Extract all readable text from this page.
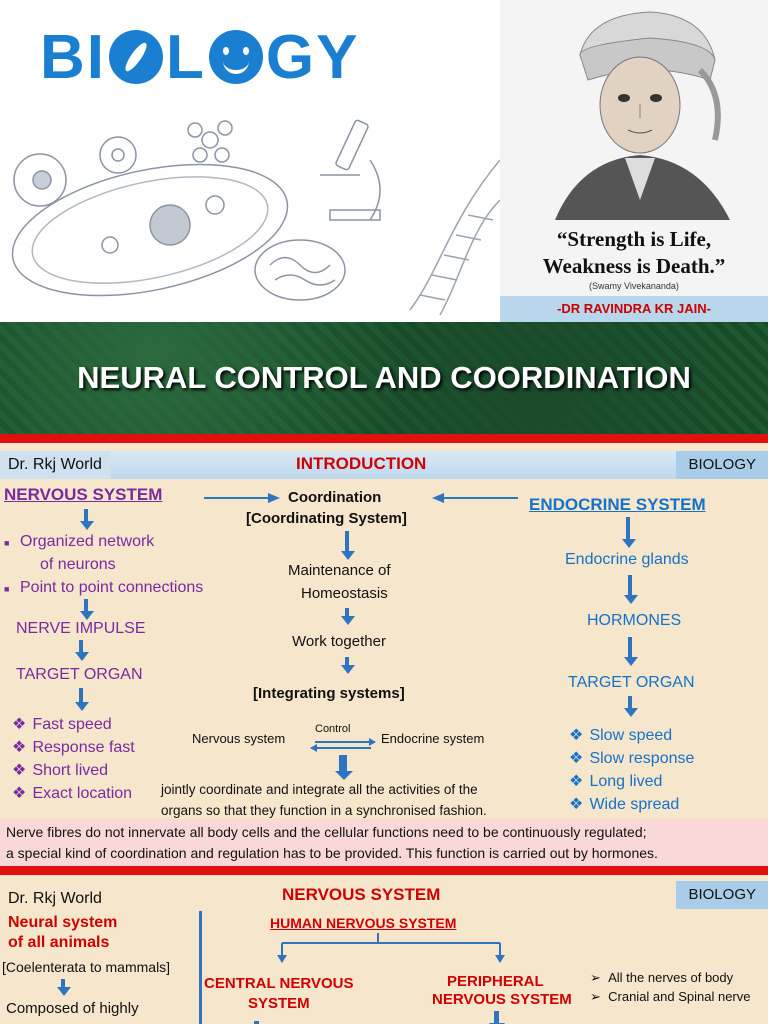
BI L GY
“Strength is Life,
Weakness is Death.”
(Swamy Vivekananda)
-DR RAVINDRA KR JAIN-
NEURAL CONTROL AND COORDINATION
Dr. Rkj World	INTRODUCTION	BIOLOGY
NERVOUS SYSTEM
■ Organized network
of neurons
■ Point to point connections
NERVE IMPULSE
TARGET ORGAN
❖ Fast speed
❖ Response fast
❖ Short lived
❖ Exact location
Coordination
[Coordinating System]
Maintenance of
Homeostasis
Work together
[Integrating systems]
Nervous system
Control
Endocrine system
jointly coordinate and integrate all the activities of the
organs so that they function in a synchronised fashion.
ENDOCRINE SYSTEM
Endocrine glands
HORMONES
TARGET ORGAN
❖ Slow speed
❖ Slow response
❖ Long lived
❖ Wide spread
Nerve fibres do not innervate all body cells and the cellular functions need to be continuously regulated;
a special kind of coordination and regulation has to be provided. This function is carried out by hormones.
Dr. Rkj World	NERVOUS SYSTEM	BIOLOGY
Neural system
of all animals
[Coelenterata to mammals]
Composed of highly
HUMAN NERVOUS SYSTEM
CENTRAL NERVOUS
SYSTEM
PERIPHERAL
NERVOUS SYSTEM
➢  All the nerves of body
➢  Cranial and Spinal nerve
